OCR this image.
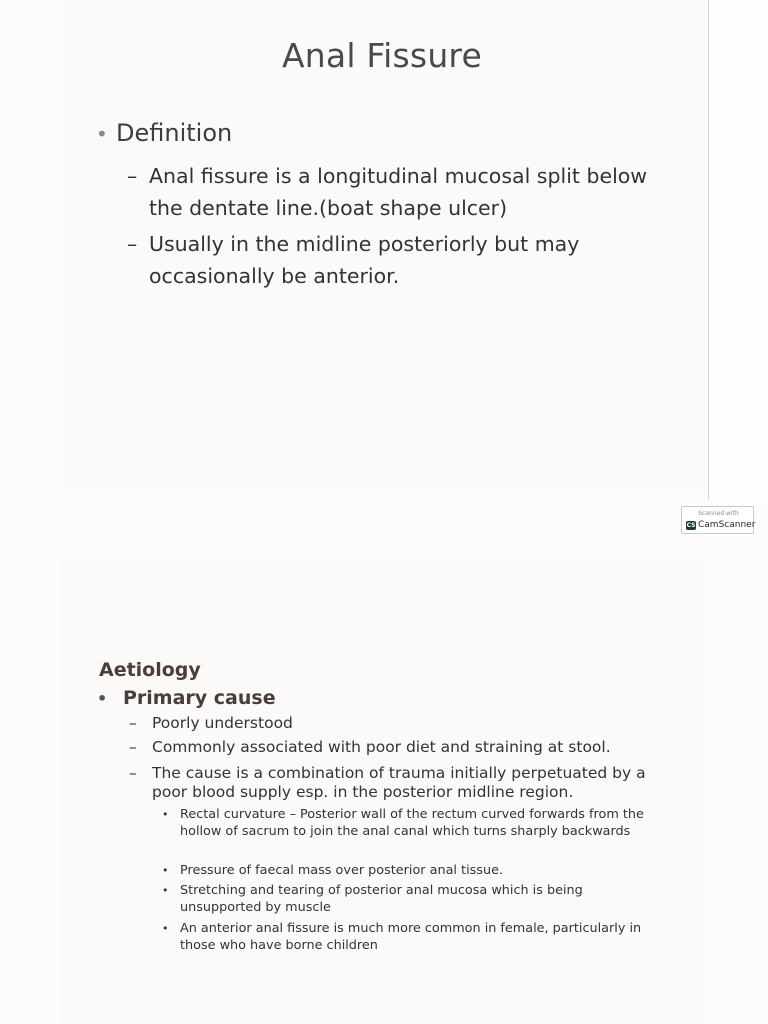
Anal Fissure
• Definition
– Anal fissure is a longitudinal mucosal split below the dentate line.(boat shape ulcer)
– Usually in the midline posteriorly but may occasionally be anterior.
Scanned with
CS CamScanner
Aetiology
• Primary cause
– Poorly understood
– Commonly associated with poor diet and straining at stool.
– The cause is a combination of trauma initially perpetuated by a poor blood supply esp. in the posterior midline region.
• Rectal curvature – Posterior wall of the rectum curved forwards from the hollow of sacrum to join the anal canal which turns sharply backwards
• Pressure of faecal mass over posterior anal tissue.
• Stretching and tearing of posterior anal mucosa which is being unsupported by muscle
• An anterior anal fissure is much more common in female, particularly in those who have borne children
